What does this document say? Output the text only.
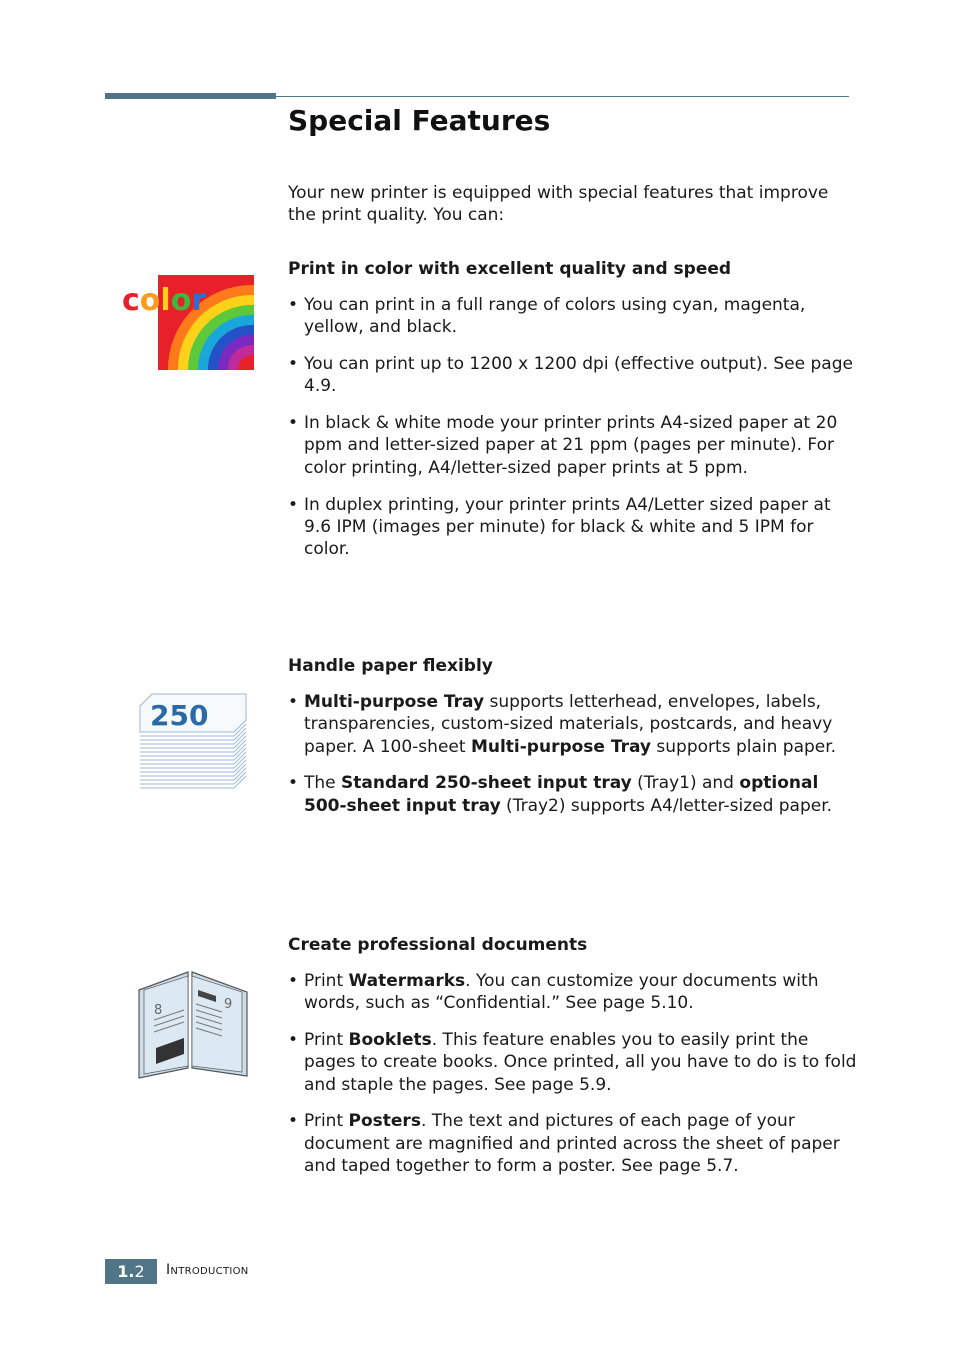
Special Features

Your new printer is equipped with special features that improve the print quality. You can:

color
Print in color with excellent quality and speed
• You can print in a full range of colors using cyan, magenta, yellow, and black.
• You can print up to 1200 x 1200 dpi (effective output). See page 4.9.
• In black & white mode your printer prints A4-sized paper at 20 ppm and letter-sized paper at 21 ppm (pages per minute). For color printing, A4/letter-sized paper prints at 5 ppm.
• In duplex printing, your printer prints A4/Letter sized paper at 9.6 IPM (images per minute) for black & white and 5 IPM for color.
250
Handle paper flexibly
• Multi-purpose Tray supports letterhead, envelopes, labels, transparencies, custom-sized materials, postcards, and heavy paper. A 100-sheet Multi-purpose Tray supports plain paper.
• The Standard 250-sheet input tray (Tray1) and optional 500-sheet input tray (Tray2) supports A4/letter-sized paper.
8	9
Create professional documents
• Print Watermarks. You can customize your documents with words, such as “Confidential.” See page 5.10.
• Print Booklets. This feature enables you to easily print the pages to create books. Once printed, all you have to do is to fold and staple the pages. See page 5.9.
• Print Posters. The text and pictures of each page of your document are magnified and printed across the sheet of paper and taped together to form a poster. See page 5.7.
1.2	Introduction
